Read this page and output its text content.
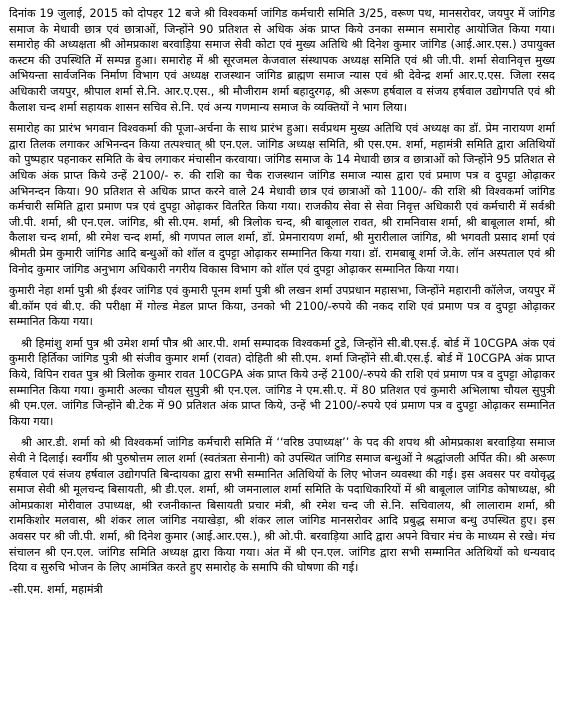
दिनांक 19 जुलाई, 2015 को दोपहर 12 बजे श्री विश्वकर्मा जांगिड कर्मचारी समिति 3/25, वरूण पथ, मानसरोवर, जयपुर में जांगिड समाज के मेधावी छात्र एवं छात्राओं, जिन्होंने 90 प्रतिशत से अधिक अंक प्राप्त किये उनका सम्मान समारोह आयोजित किया गया। समारोह की अध्यक्षता श्री ओमप्रकाश बरवाड़िया समाज सेवी कोटा एवं मुख्य अतिथि श्री दिनेश कुमार जांगिड (आई.आर.एस.) उपायुक्त कस्टम की उपस्थिति में सम्पन्न हुआ। समारोह में श्री सूरजमल केजवाल संस्थापक अध्यक्ष समिति एवं श्री जी.पी. शर्मा सेवानिवृत्त मुख्य अभियन्ता सार्वजनिक निर्माण विभाग एवं अध्यक्ष राजस्थान जांगिड ब्राह्मण समाज न्यास एवं श्री देवेन्द्र शर्मा आर.ए.एस. जिला रसद अधिकारी जयपुर, श्रीपाल शर्मा से.नि. आर.ए.एस., श्री मौजीराम शर्मा बहादुरगढ़, श्री अरूण हर्षवाल व संजय हर्षवाल उद्योगपति एवं श्री कैलाश चन्द शर्मा सहायक शासन सचिव से.नि. एवं अन्य गणमान्य समाज के व्यक्तियों ने भाग लिया।

समारोह का प्रारंभ भगवान विश्वकर्मा की पूजा-अर्चना के साथ प्रारंभ हुआ। सर्वप्रथम मुख्य अतिथि एवं अध्यक्ष का डॉ. प्रेम नारायण शर्मा द्वारा तिलक लगाकर अभिनन्दन किया तत्पश्चात् श्री एन.एल. जांगिड अध्यक्ष समिति, श्री एस.एम. शर्मा, महामंत्री समिति द्वारा अतिथियों को पुष्पहार पहनाकर समिति के बेच लगाकर मंचासीन करवाया। जांगिड समाज के 14 मेधावी छात्र व छात्राओं को जिन्होंने 95 प्रतिशत से अधिक अंक प्राप्त किये उन्हें 2100/- रु. की राशि का चैक राजस्थान जांगिड समाज न्यास द्वारा एवं प्रमाण पत्र व दुपट्टा ओढ़ाकर अभिनन्दन किया। 90 प्रतिशत से अधिक प्राप्त करने वाले 24 मेधावी छात्र एवं छात्राओं को 1100/- की राशि श्री विश्वकर्मा जांगिड कर्मचारी समिति द्वारा प्रमाण पत्र एवं दुपट्टा ओढ़ाकर वितरित किया गया। राजकीय सेवा से सेवा निवृत्त अधिकारी एवं कर्मचारी में सर्वश्री जी.पी. शर्मा, श्री एन.एल. जांगिड, श्री सी.एम. शर्मा, श्री त्रिलोक चन्द, श्री बाबूलाल रावत, श्री रामनिवास शर्मा, श्री बाबूलाल शर्मा, श्री कैलाश चन्द शर्मा, श्री रमेश चन्द शर्मा, श्री गणपत लाल शर्मा, डॉ. प्रेमनारायण शर्मा, श्री मुरारीलाल जांगिड, श्री भगवती प्रसाद शर्मा एवं श्रीमती प्रेम कुमारी जांगिड आदि बन्धुओं को शॉल व दुपट्टा ओढ़ाकर सम्मानित किया गया। डॉ. रामबाबू शर्मा जे.के. लॉन अस्पताल एवं श्री विनोद कुमार जांगिड अनुभाग अधिकारी नगरीय विकास विभाग को शॉल एवं दुपट्टा ओढ़ाकर सम्मानित किया गया।

कुमारी नेहा शर्मा पुत्री श्री ईश्वर जांगिड एवं कुमारी पूनम शर्मा पुत्री श्री लखन शर्मा उपप्रधान महासभा, जिन्होंने महारानी कॉलेज, जयपुर में बी.कॉम एवं बी.ए. की परीक्षा में गोल्ड मेडल प्राप्त किया, उनको भी 2100/-रुपये की नकद राशि एवं प्रमाण पत्र व दुपट्टा ओढ़ाकर सम्मानित किया गया।

श्री हिमांशु शर्मा पुत्र श्री उमेश शर्मा पौत्र श्री आर.पी. शर्मा सम्पादक विश्वकर्मा टुडे, जिन्होंने सी.बी.एस.ई. बोर्ड में 10CGPA अंक एवं कुमारी हिर्तिका जांगिड पुत्री श्री संजीव कुमार शर्मा (रावत) दोहिती श्री सी.एम. शर्मा जिन्होंने सी.बी.एस.ई. बोर्ड में 10CGPA अंक प्राप्त किये, विपिन रावत पुत्र श्री त्रिलोक कुमार रावत 10CGPA अंक प्राप्त किये उन्हें 2100/-रुपये की राशि एवं प्रमाण पत्र व दुपट्टा ओढ़ाकर सम्मानित किया गया। कुमारी अल्का चौयल सुपुत्री श्री एन.एल. जांगिड ने एम.सी.ए. में 80 प्रतिशत एवं कुमारी अभिलाषा चौयल सुपुत्री श्री एम.एल. जांगिड जिन्होंने बी.टेक में 90 प्रतिशत अंक प्राप्त किये, उन्हें भी 2100/-रुपये एवं प्रमाण पत्र व दुपट्टा ओढ़ाकर सम्मानित किया गया।

श्री आर.डी. शर्मा को श्री विश्वकर्मा जांगिड कर्मचारी समिति में ‘‘वरिष्ठ उपाध्यक्ष’’ के पद की शपथ श्री ओमप्रकाश बरवाड़िया समाज सेवी ने दिलाई। स्वर्गीय श्री पुरुषोत्तम लाल शर्मा (स्वतंत्रता सेनानी) को उपस्थित जांगिड समाज बन्धुओं ने श्रद्धांजली अर्पित की। श्री अरूण हर्षवाल एवं संजय हर्षवाल उद्योगपति बिन्दायका द्वारा सभी सम्मानित अतिथियों के लिए भोजन व्यवस्था की गई। इस अवसर पर वयोवृद्ध समाज सेवी श्री मूलचन्द बिसायती, श्री डी.एल. शर्मा, श्री जमनालाल शर्मा समिति के पदाधिकारियों में श्री बाबूलाल जांगिड कोषाध्यक्ष, श्री ओमप्रकाश मोरीवाल उपाध्यक्ष, श्री रजनीकान्त बिसायती प्रचार मंत्री, श्री रमेश चन्द जी से.नि. सचिवालय, श्री लालाराम शर्मा, श्री रामकिशोर मलवास, श्री शंकर लाल जांगिड नयाखेड़ा, श्री शंकर लाल जांगिड मानसरोवर आदि प्रबुद्ध समाज बन्धु उपस्थित हुए। इस अवसर पर श्री जी.पी. शर्मा, श्री दिनेश कुमार (आई.आर.एस.), श्री ओ.पी. बरवाड़िया आदि द्वारा अपने विचार मंच के माध्यम से रखे। मंच संचालन श्री एन.एल. जांगिड समिति अध्यक्ष द्वारा किया गया। अंत में श्री एन.एल. जांगिड द्वारा सभी सम्मानित अतिथियों को धन्यवाद दिया व सुरुचि भोजन के लिए आमंत्रित करते हुए समारोह के समापि की घोषणा की गई।

-सी.एम. शर्मा, महामंत्री
